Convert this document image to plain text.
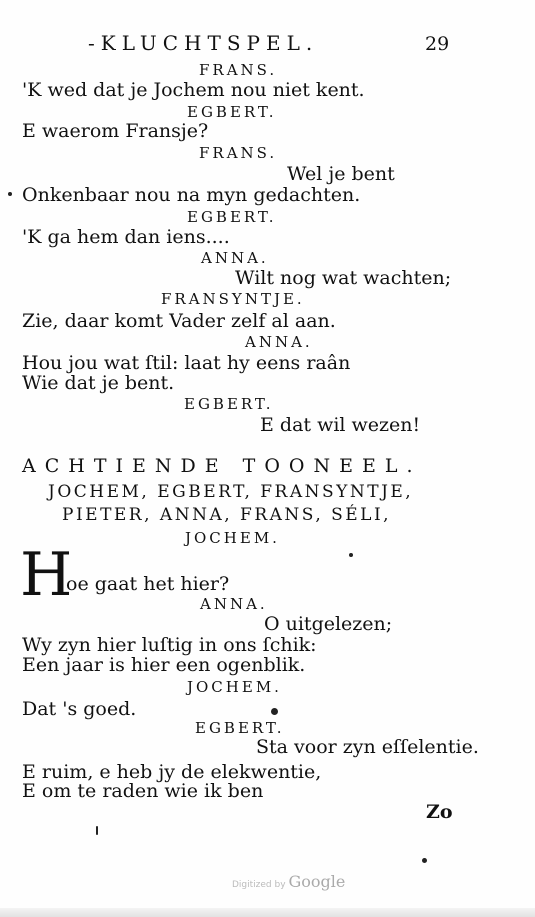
-KLUCHTSPEL.	29
FRANS.
'K wed dat je Jochem nou niet kent.
EGBERT.
E waerom Fransje?
FRANS.
Wel je bent
Onkenbaar nou na myn gedachten.
EGBERT.
'K ga hem dan iens....
ANNA.
Wilt nog wat wachten;
FRANSYNTJE.
Zie, daar komt Vader zelf al aan.
ANNA.
Hou jou wat ſtil: laat hy eens raân
Wie dat je bent.
EGBERT.
E dat wil wezen!
ACHTIENDE TOONEEL.
JOCHEM, EGBERT, FRANSYNTJE,
PIETER, ANNA, FRANS, SÉLI,
JOCHEM.
H
oe gaat het hier?
ANNA.
O uitgelezen;
Wy zyn hier luſtig in ons ſchik:
Een jaar is hier een ogenblik.
JOCHEM.
Dat 's goed.
EGBERT.
Sta voor zyn eſſelentie.
E ruim, e heb jy de elekwentie,
E om te raden wie ik ben
Zo
Digitized by Google
